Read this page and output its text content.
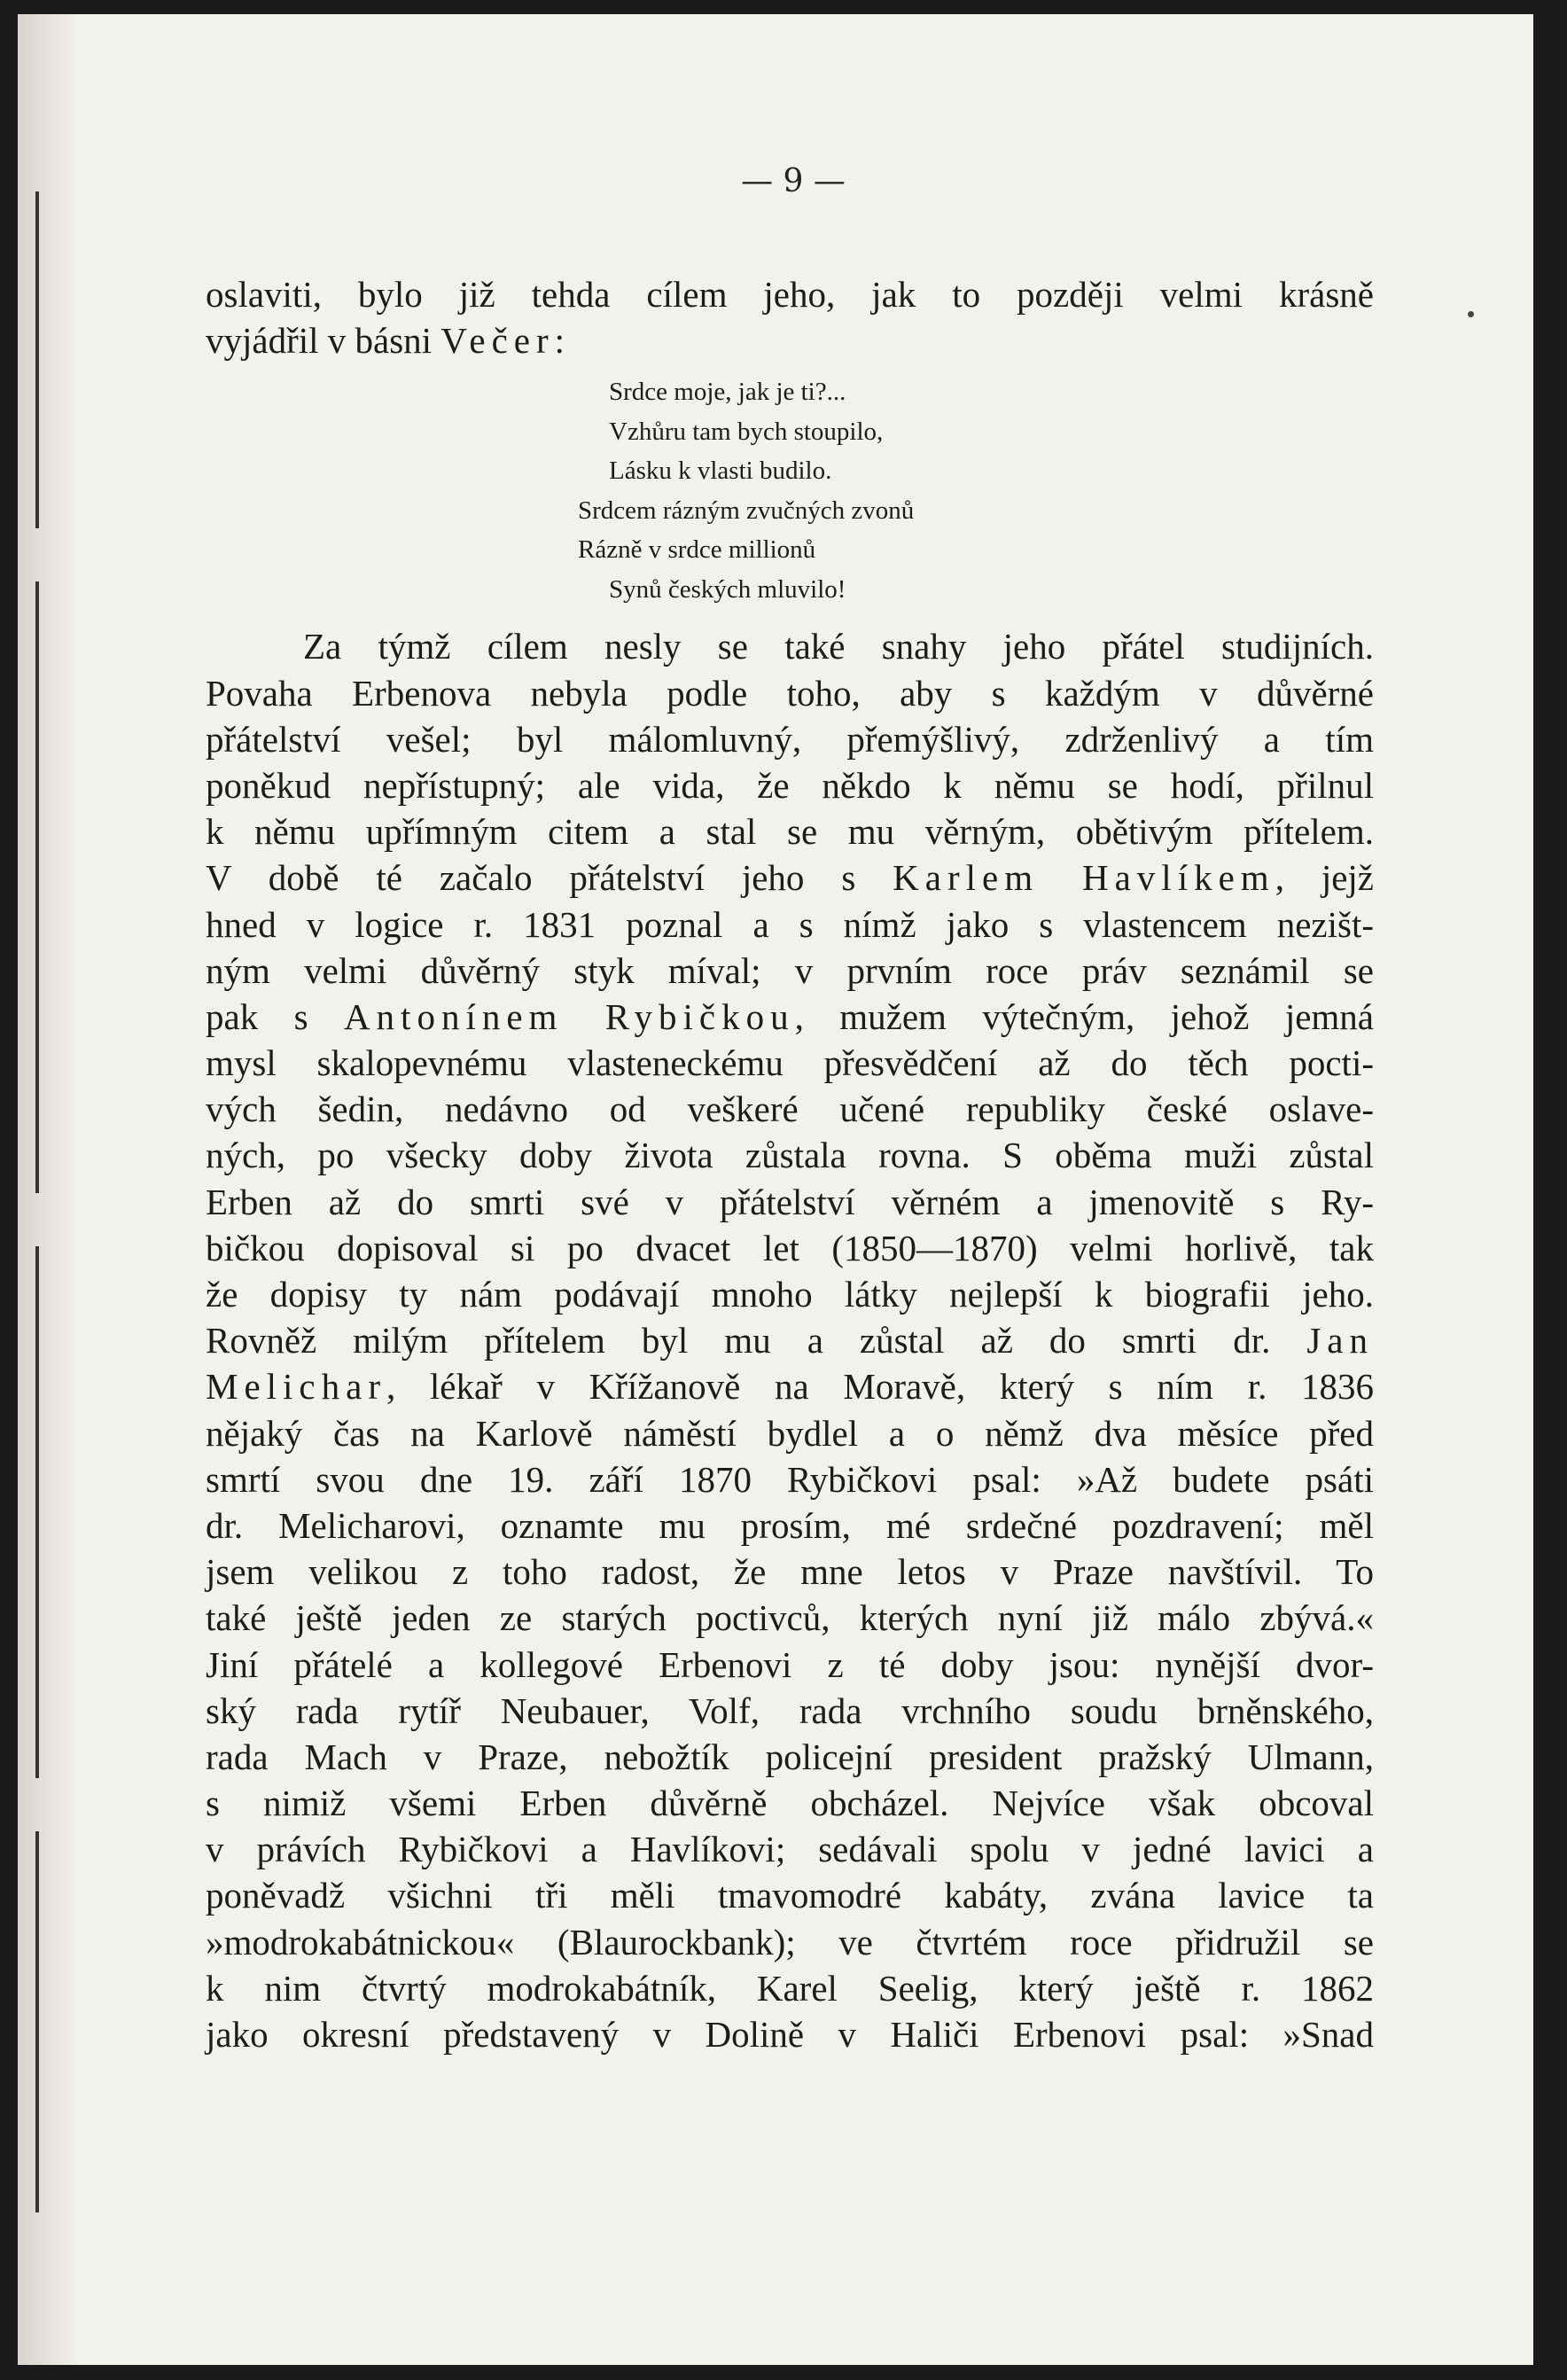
— 9 —
oslaviti, bylo již tehda cílem jeho, jak to později velmi krásně
vyjádřil v básni Večer:
Srdce moje, jak je ti?...
Vzhůru tam bych stoupilo,
Lásku k vlasti budilo.
Srdcem rázným zvučných zvonů
Rázně v srdce millionů
Synů českých mluvilo!
Za týmž cílem nesly se také snahy jeho přátel studijních.
Povaha Erbenova nebyla podle toho, aby s každým v důvěrné
přátelství vešel; byl málomluvný, přemýšlivý, zdrženlivý a tím
poněkud nepřístupný; ale vida, že někdo k němu se hodí, přilnul
k němu upřímným citem a stal se mu věrným, obětivým přítelem.
V době té začalo přátelství jeho s Karlem Havlíkem, jejž
hned v logice r. 1831 poznal a s nímž jako s vlastencem nezišt-
ným velmi důvěrný styk míval; v prvním roce práv seznámil se
pak s Antonínem Rybičkou, mužem výtečným, jehož jemná
mysl skalopevnému vlasteneckému přesvědčení až do těch pocti-
vých šedin, nedávno od veškeré učené republiky české oslave-
ných, po všecky doby života zůstala rovna. S oběma muži zůstal
Erben až do smrti své v přátelství věrném a jmenovitě s Ry-
bičkou dopisoval si po dvacet let (1850—1870) velmi horlivě, tak
že dopisy ty nám podávají mnoho látky nejlepší k biografii jeho.
Rovněž milým přítelem byl mu a zůstal až do smrti dr. Jan
Melichar, lékař v Křížanově na Moravě, který s ním r. 1836
nějaký čas na Karlově náměstí bydlel a o němž dva měsíce před
smrtí svou dne 19. září 1870 Rybičkovi psal: »Až budete psáti
dr. Melicharovi, oznamte mu prosím, mé srdečné pozdravení; měl
jsem velikou z toho radost, že mne letos v Praze navštívil. To
také ještě jeden ze starých poctivců, kterých nyní již málo zbývá.«
Jiní přátelé a kollegové Erbenovi z té doby jsou: nynější dvor-
ský rada rytíř Neubauer, Volf, rada vrchního soudu brněnského,
rada Mach v Praze, nebožtík policejní president pražský Ulmann,
s nimiž všemi Erben důvěrně obcházel. Nejvíce však obcoval
v právích Rybičkovi a Havlíkovi; sedávali spolu v jedné lavici a
poněvadž všichni tři měli tmavomodré kabáty, zvána lavice ta
»modrokabátnickou« (Blaurockbank); ve čtvrtém roce přidružil se
k nim čtvrtý modrokabátník, Karel Seelig, který ještě r. 1862
jako okresní představený v Dolině v Haliči Erbenovi psal: »Snad
